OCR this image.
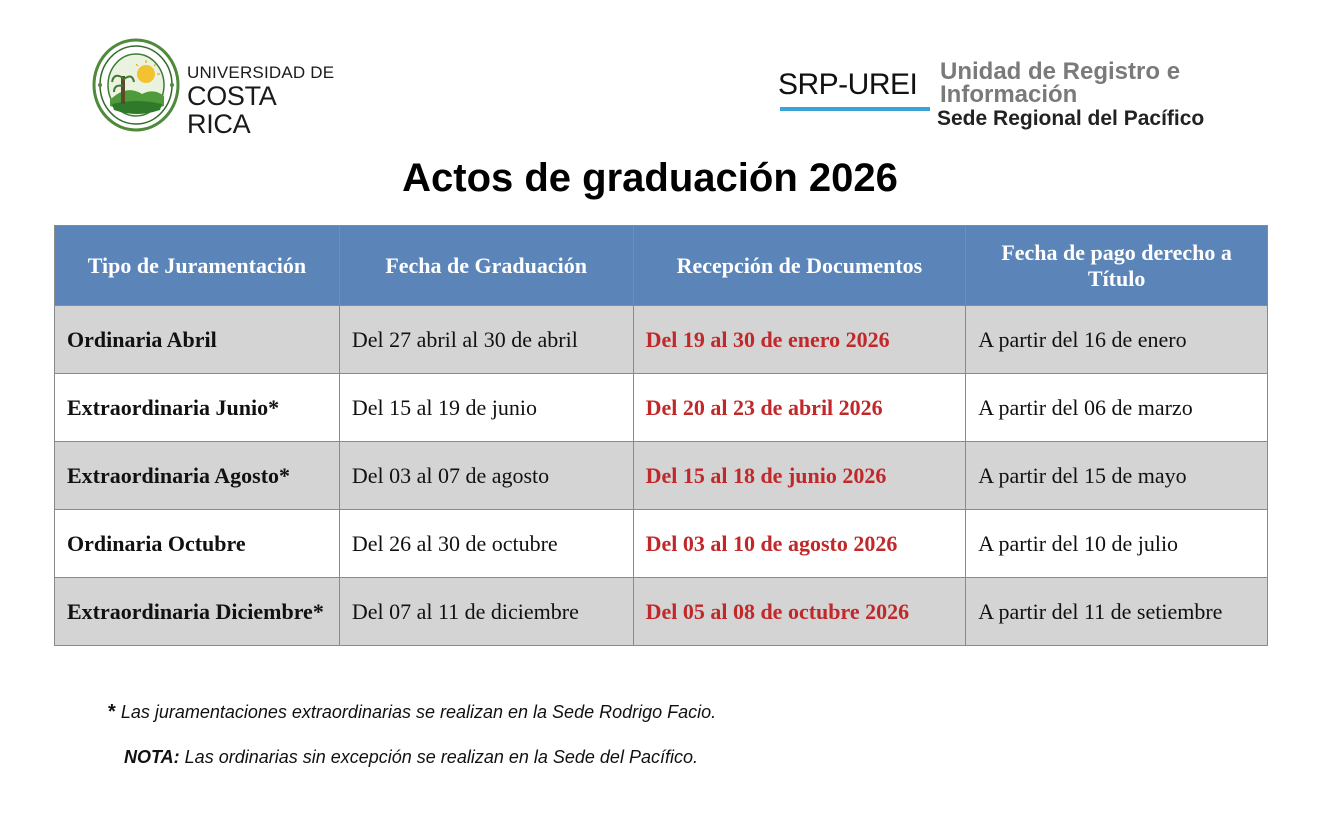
UNIVERSIDAD DE
COSTA RICA
SRP-UREI Unidad de Registro e
Información
Sede Regional del Pacífico
Actos de graduación 2026
Tipo de Juramentación	Fecha de Graduación	Recepción de Documentos	Fecha de pago derecho a Título
Ordinaria Abril	Del 27 abril al 30 de abril	Del 19 al 30 de enero 2026	A partir del 16 de enero
Extraordinaria Junio*	Del 15 al 19 de junio	Del 20 al 23 de abril 2026	A partir del 06 de marzo
Extraordinaria Agosto*	Del 03 al 07 de agosto	Del 15 al 18 de junio 2026	A partir del 15 de mayo
Ordinaria Octubre	Del 26 al 30 de octubre	Del 03 al 10 de agosto 2026	A partir del 10 de julio
Extraordinaria Diciembre*	Del 07 al 11 de diciembre	Del 05 al 08 de octubre 2026	A partir del 11 de setiembre
* Las juramentaciones extraordinarias se realizan en la Sede Rodrigo Facio.
NOTA: Las ordinarias sin excepción se realizan en la Sede del Pacífico.
